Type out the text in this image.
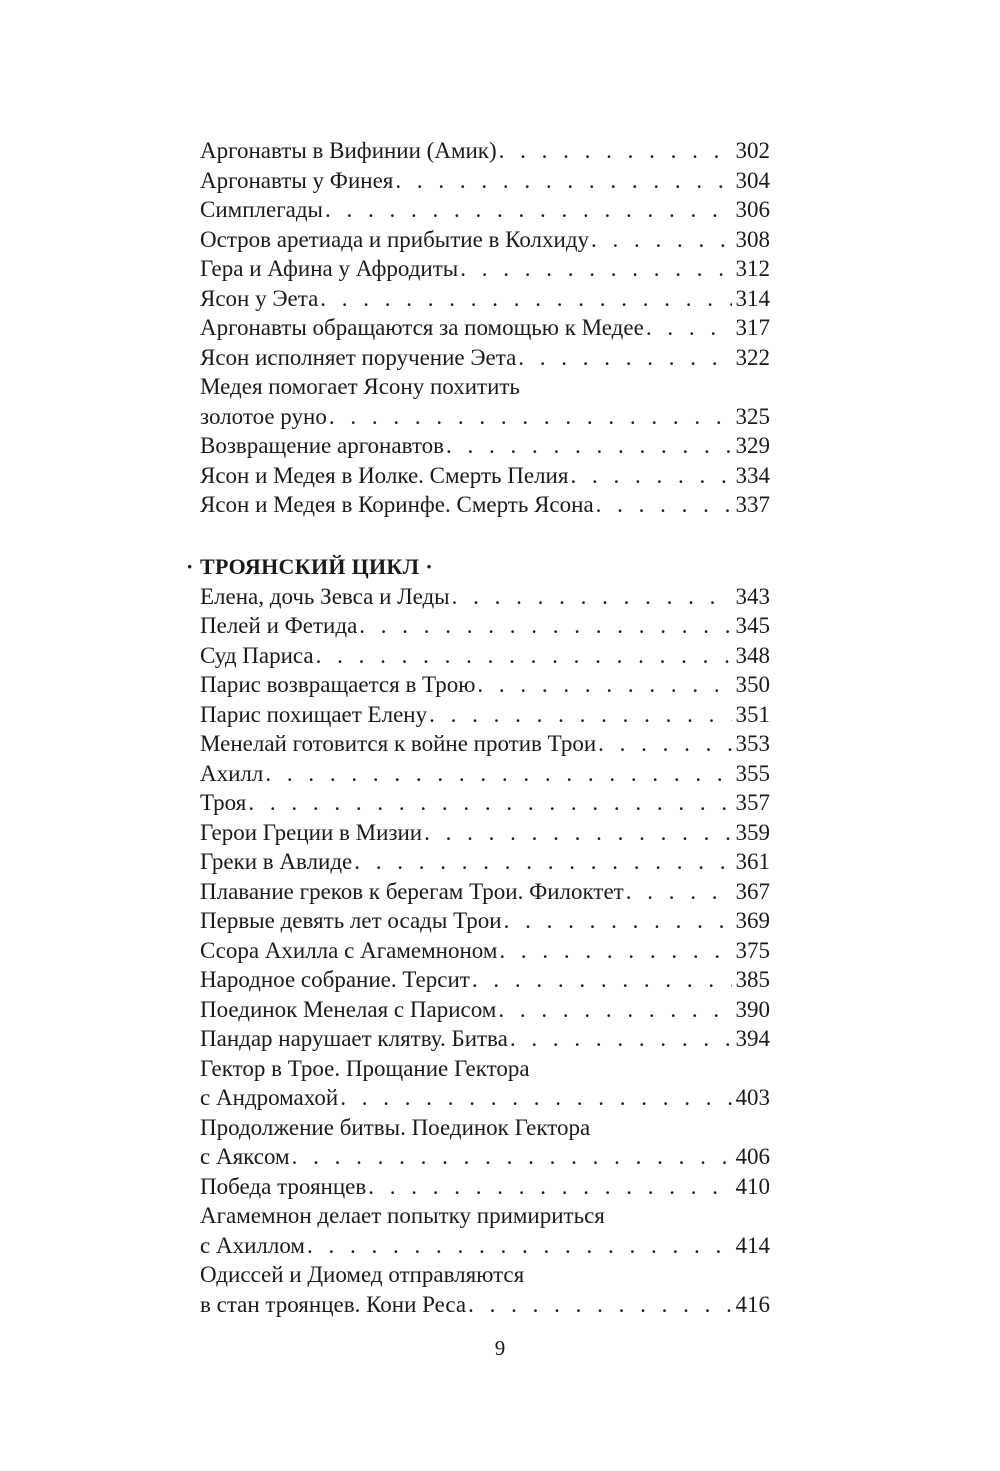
Аргонавты в Вифинии (Амик) . . .	302
Аргонавты у Финея . . .	304
Симплегады . . .	306
Остров аретиада и прибытие в Колхиду . . .	308
Гера и Афина у Афродиты . . .	312
Ясон у Эета . . .	314
Аргонавты обращаются за помощью к Медее . . .	317
Ясон исполняет поручение Эета . . .	322
Медея помогает Ясону похитить
золотое руно . . .	325
Возвращение аргонавтов . . .	329
Ясон и Медея в Иолке. Смерть Пелия . . .	334
Ясон и Медея в Коринфе. Смерть Ясона . . .	337
· ТРОЯНСКИЙ ЦИКЛ ·
Елена, дочь Зевса и Леды . . .	343
Пелей и Фетида . . .	345
Суд Париса . . .	348
Парис возвращается в Трою . . .	350
Парис похищает Елену . . .	351
Менелай готовится к войне против Трои . . .	353
Ахилл . . .	355
Троя . . .	357
Герои Греции в Мизии . . .	359
Греки в Авлиде . . .	361
Плавание греков к берегам Трои. Филоктет . . .	367
Первые девять лет осады Трои . . .	369
Ссора Ахилла с Агамемноном . . .	375
Народное собрание. Терсит . . .	385
Поединок Менелая с Парисом . . .	390
Пандар нарушает клятву. Битва . . .	394
Гектор в Трое. Прощание Гектора
с Андромахой . . .	403
Продолжение битвы. Поединок Гектора
с Аяксом . . .	406
Победа троянцев . . .	410
Агамемнон делает попытку примириться
с Ахиллом . . .	414
Одиссей и Диомед отправляются
в стан троянцев. Кони Реса . . .	416
9
